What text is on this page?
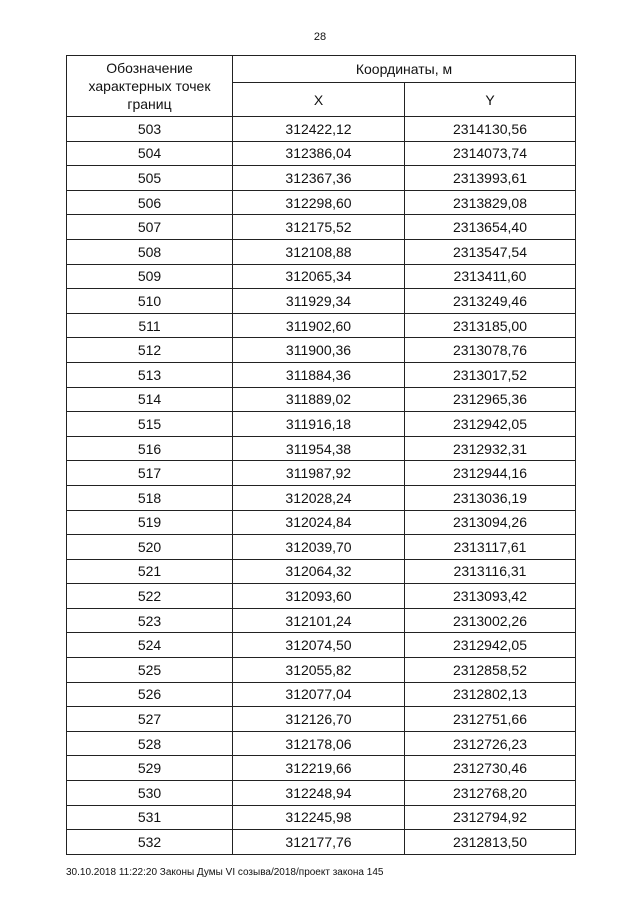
28
Обозначение характерных точек границ	Координаты, м	
	X	Y
503	312422,12	2314130,56
504	312386,04	2314073,74
505	312367,36	2313993,61
506	312298,60	2313829,08
507	312175,52	2313654,40
508	312108,88	2313547,54
509	312065,34	2313411,60
510	311929,34	2313249,46
511	311902,60	2313185,00
512	311900,36	2313078,76
513	311884,36	2313017,52
514	311889,02	2312965,36
515	311916,18	2312942,05
516	311954,38	2312932,31
517	311987,92	2312944,16
518	312028,24	2313036,19
519	312024,84	2313094,26
520	312039,70	2313117,61
521	312064,32	2313116,31
522	312093,60	2313093,42
523	312101,24	2313002,26
524	312074,50	2312942,05
525	312055,82	2312858,52
526	312077,04	2312802,13
527	312126,70	2312751,66
528	312178,06	2312726,23
529	312219,66	2312730,46
530	312248,94	2312768,20
531	312245,98	2312794,92
532	312177,76	2312813,50
30.10.2018 11:22:20 Законы Думы VI созыва/2018/проект закона 145
